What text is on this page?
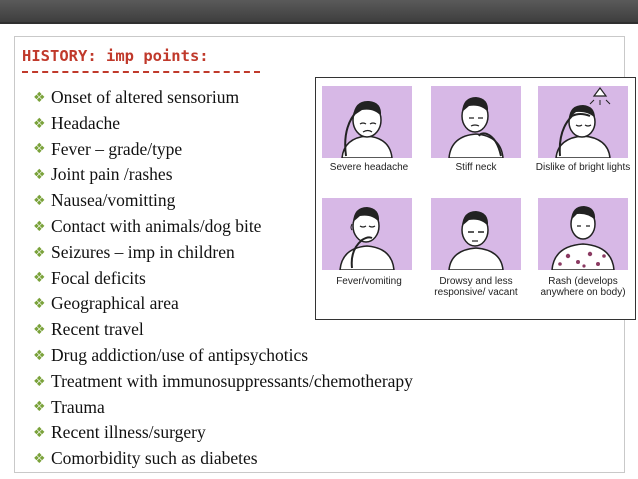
HISTORY: imp points:
❖ Onset of altered sensorium
❖ Headache
❖ Fever – grade/type
❖ Joint pain /rashes
❖ Nausea/vomitting
❖ Contact with animals/dog bite
❖ Seizures – imp in children
❖ Focal deficits
❖ Geographical area
❖ Recent travel
❖ Drug addiction/use of antipsychotics
❖ Treatment with immunosuppressants/chemotherapy
❖ Trauma
❖ Recent illness/surgery
❖ Comorbidity such as diabetes
Severe headache	Stiff neck	Dislike of bright lights
Fever/vomiting	Drowsy and less responsive/ vacant
Rash (develops anywhere on body)
